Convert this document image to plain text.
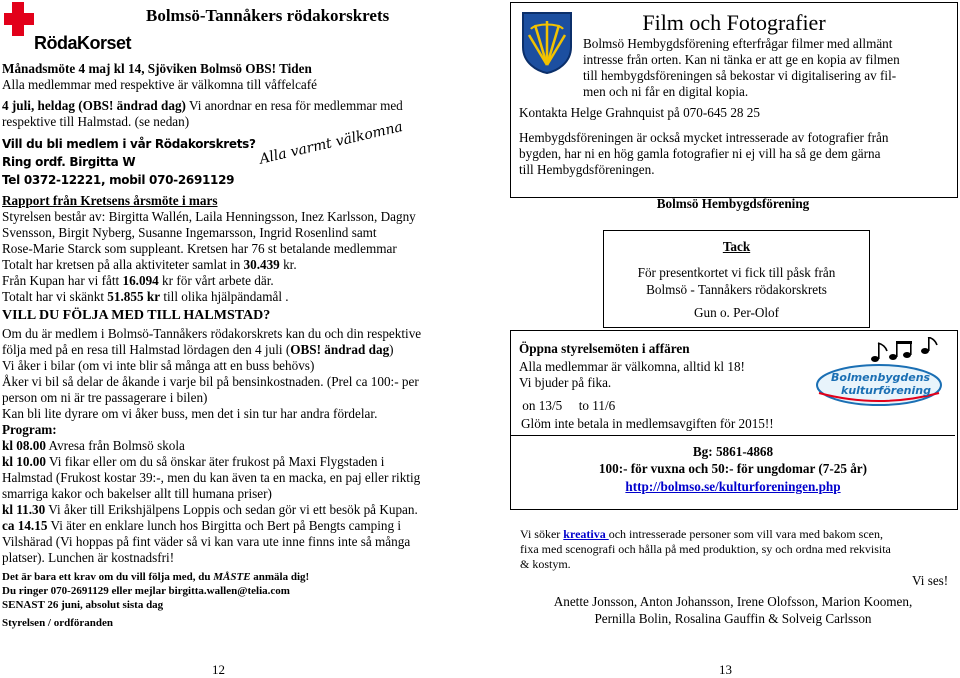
RödaKorset
Bolmsö-Tannåkers rödakorskrets
Månadsmöte 4 maj kl 14, Sjöviken Bolmsö OBS! Tiden
Alla medlemmar med respektive är välkomna till våffelcafé
4 juli, heldag (OBS! ändrad dag) Vi anordnar en resa för medlemmar med
respektive till Halmstad. (se nedan)
Vill du bli medlem i vår Rödakorskrets?
Ring ordf. Birgitta W
Tel 0372-12221, mobil 070-2691129
Alla varmt välkomna
Rapport från Kretsens årsmöte i mars
Styrelsen består av: Birgitta Wallén, Laila Henningsson, Inez Karlsson, Dagny
Svensson, Birgit Nyberg, Susanne Ingemarsson, Ingrid Rosenlind samt
Rose-Marie Starck som suppleant. Kretsen har 76 st betalande medlemmar
Totalt har kretsen på alla aktiviteter samlat in 30.439 kr.
Från Kupan har vi fått 16.094 kr för vårt arbete där.
Totalt har vi skänkt 51.855 kr till olika hjälpändamål .
VILL DU FÖLJA MED TILL HALMSTAD?
Om du är medlem i Bolmsö-Tannåkers rödakorskrets kan du och din respektive
följa med på en resa till Halmstad lördagen den 4 juli (OBS! ändrad dag)
Vi åker i bilar (om vi inte blir så många att en buss behövs)
Åker vi bil så delar de åkande i varje bil på bensinkostnaden. (Prel ca 100:- per
person om ni är tre passagerare i bilen)
Kan bli lite dyrare om vi åker buss, men det i sin tur har andra fördelar.
Program:
kl 08.00 Avresa från Bolmsö skola
kl 10.00 Vi fikar eller om du så önskar äter frukost på Maxi Flygstaden i
Halmstad (Frukost kostar 39:-, men du kan även ta en macka, en paj eller riktig
smarriga kakor och bakelser allt till humana priser)
kl 11.30 Vi åker till Erikshjälpens Loppis och sedan gör vi ett besök på Kupan.
ca 14.15 Vi äter en enklare lunch hos Birgitta och Bert på Bengts camping i
Vilshärad (Vi hoppas på fint väder så vi kan vara ute inne finns inte så många
platser). Lunchen är kostnadsfri!
Det är bara ett krav om du vill följa med, du MÅSTE anmäla dig!
Du ringer 070-2691129 eller mejlar birgitta.wallen@telia.com
SENAST 26 juni, absolut sista dag
Styrelsen / ordföranden
12
Film och Fotografier
Bolmsö Hembygdsförening efterfrågar filmer med allmänt
intresse från orten. Kan ni tänka er att ge en kopia av filmen
till hembygdsföreningen så bekostar vi digitalisering av fil-
men och ni får en digital kopia.
Kontakta Helge Grahnquist på 070-645 28 25
Hembygdsföreningen är också mycket intresserade av fotografier från
bygden, har ni en hög gamla fotografier ni ej vill ha så ge dem gärna
till Hembygdsföreningen.
Bolmsö Hembygdsförening
Tack
För presentkortet vi fick till påsk från
Bolmsö - Tannåkers rödakorskrets
Gun o. Per-Olof
Öppna styrelsemöten i affären
Alla medlemmar är välkomna, alltid kl 18!
Vi bjuder på fika.
on 13/5     to 11/6
Glöm inte betala in medlemsavgiften för 2015!!
Bolmenbygdens
kulturförening
Bg: 5861-4868
100:- för vuxna och 50:- för ungdomar (7-25 år)
http://bolmso.se/kulturforeningen.php
Vi söker kreativa och intresserade personer som vill vara med bakom scen,
fixa med scenografi och hålla på med produktion, sy och ordna med rekvisita
& kostym.
Vi ses!
Anette Jonsson, Anton Johansson, Irene Olofsson, Marion Koomen,
Pernilla Bolin, Rosalina Gauffin & Solveig Carlsson
13
